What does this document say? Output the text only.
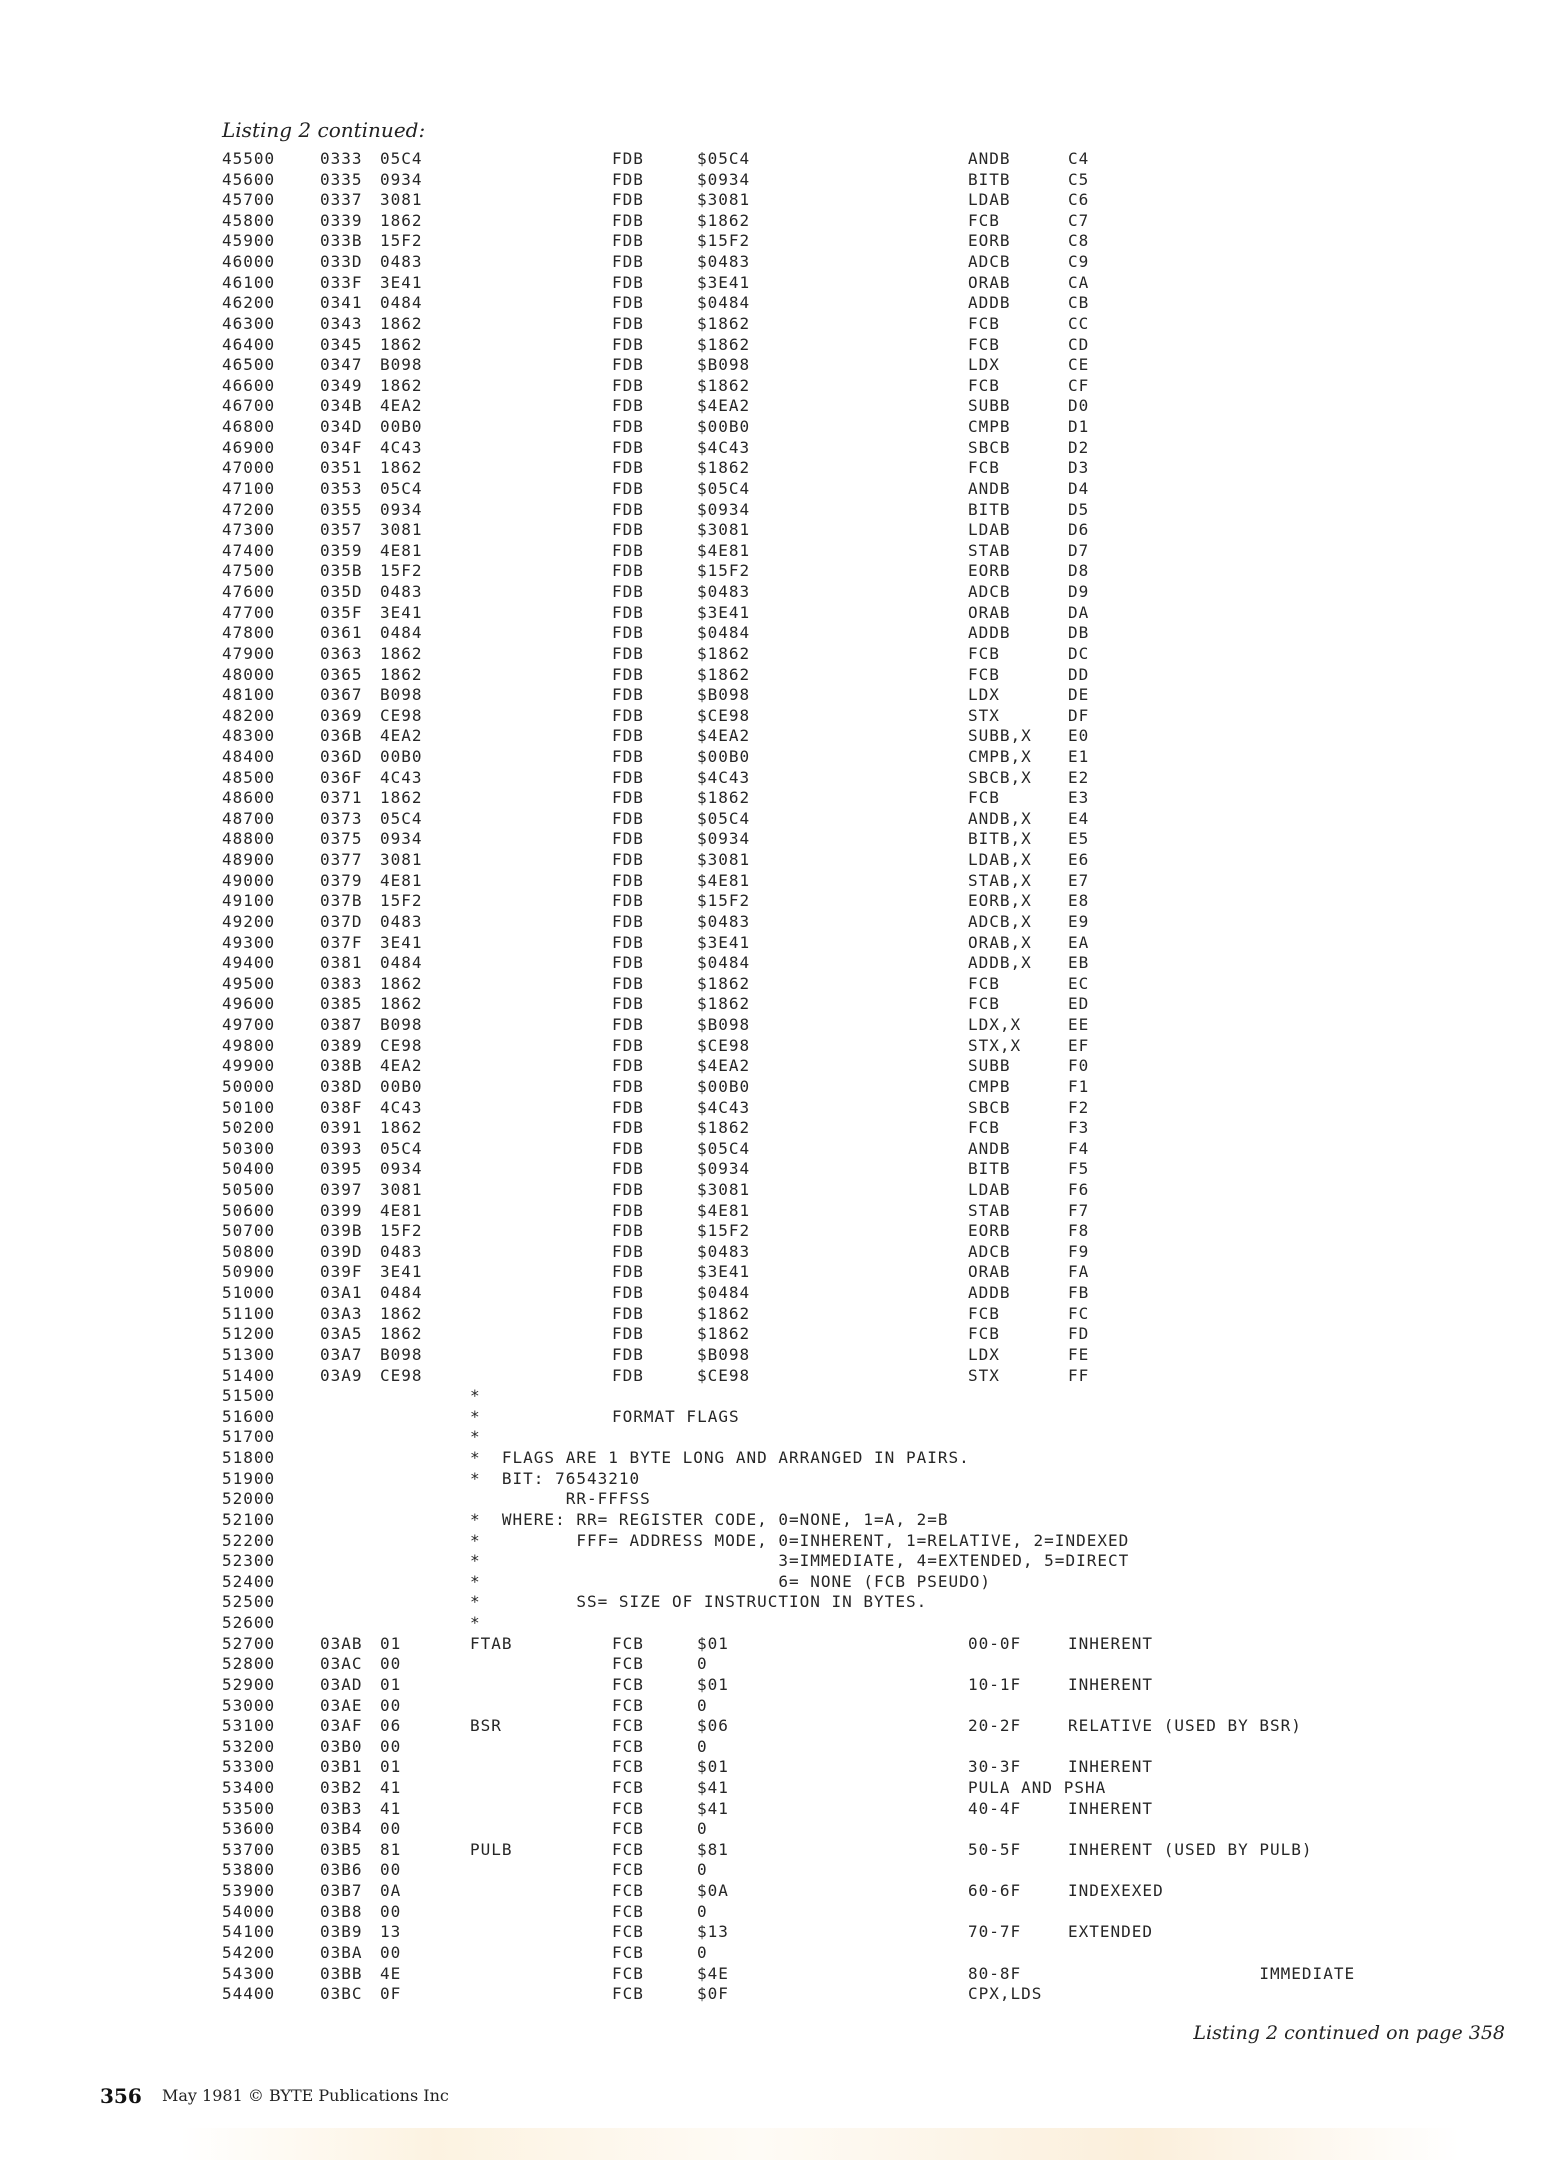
Listing 2 continued:
45500	0333 05C4	FDB	$05C4	ANDB	C4
45600	0335 0934	FDB	$0934	BITB	C5
45700	0337 3081	FDB	$3081	LDAB	C6
45800	0339 1862	FDB	$1862	FCB	C7
45900	033B 15F2	FDB	$15F2	EORB	C8
46000	033D 0483	FDB	$0483	ADCB	C9
46100	033F 3E41	FDB	$3E41	ORAB	CA
46200	0341 0484	FDB	$0484	ADDB	CB
46300	0343 1862	FDB	$1862	FCB	CC
46400	0345 1862	FDB	$1862	FCB	CD
46500	0347 B098	FDB	$B098	LDX	CE
46600	0349 1862	FDB	$1862	FCB	CF
46700	034B 4EA2	FDB	$4EA2	SUBB	D0
46800	034D 00B0	FDB	$00B0	CMPB	D1
46900	034F 4C43	FDB	$4C43	SBCB	D2
47000	0351 1862	FDB	$1862	FCB	D3
47100	0353 05C4	FDB	$05C4	ANDB	D4
47200	0355 0934	FDB	$0934	BITB	D5
47300	0357 3081	FDB	$3081	LDAB	D6
47400	0359 4E81	FDB	$4E81	STAB	D7
47500	035B 15F2	FDB	$15F2	EORB	D8
47600	035D 0483	FDB	$0483	ADCB	D9
47700	035F 3E41	FDB	$3E41	ORAB	DA
47800	0361 0484	FDB	$0484	ADDB	DB
47900	0363 1862	FDB	$1862	FCB	DC
48000	0365 1862	FDB	$1862	FCB	DD
48100	0367 B098	FDB	$B098	LDX	DE
48200	0369 CE98	FDB	$CE98	STX	DF
48300	036B 4EA2	FDB	$4EA2	SUBB,X E0
48400	036D 00B0	FDB	$00B0	CMPB,X E1
48500	036F 4C43	FDB	$4C43	SBCB,X E2
48600	0371 1862	FDB	$1862	FCB	E3
48700	0373 05C4	FDB	$05C4	ANDB,X E4
48800	0375 0934	FDB	$0934	BITB,X E5
48900	0377 3081	FDB	$3081	LDAB,X E6
49000	0379 4E81	FDB	$4E81	STAB,X E7
49100	037B 15F2	FDB	$15F2	EORB,X E8
49200	037D 0483	FDB	$0483	ADCB,X E9
49300	037F 3E41	FDB	$3E41	ORAB,X EA
49400	0381 0484	FDB	$0484	ADDB,X EB
49500	0383 1862	FDB	$1862	FCB	EC
49600	0385 1862	FDB	$1862	FCB	ED
49700	0387 B098	FDB	$B098	LDX,X	EE
49800	0389 CE98	FDB	$CE98	STX,X	EF
49900	038B 4EA2	FDB	$4EA2	SUBB	F0
50000	038D 00B0	FDB	$00B0	CMPB	F1
50100	038F 4C43	FDB	$4C43	SBCB	F2
50200	0391 1862	FDB	$1862	FCB	F3
50300	0393 05C4	FDB	$05C4	ANDB	F4
50400	0395 0934	FDB	$0934	BITB	F5
50500	0397 3081	FDB	$3081	LDAB	F6
50600	0399 4E81	FDB	$4E81	STAB	F7
50700	039B 15F2	FDB	$15F2	EORB	F8
50800	039D 0483	FDB	$0483	ADCB	F9
50900	039F 3E41	FDB	$3E41	ORAB	FA
51000	03A1 0484	FDB	$0484	ADDB	FB
51100	03A3 1862	FDB	$1862	FCB	FC
51200	03A5 1862	FDB	$1862	FCB	FD
51300	03A7 B098	FDB	$B098	LDX	FE
51400	03A9 CE98	FDB	$CE98	STX	FF
51500	*
51600	*	FORMAT FLAGS
51700	*
51800	*  FLAGS ARE 1 BYTE LONG AND ARRANGED IN PAIRS.
51900	*  BIT: 76543210
52000	RR-FFFSS
52100	*  WHERE: RR= REGISTER CODE, 0=NONE, 1=A, 2=B
52200	*         FFF= ADDRESS MODE, 0=INHERENT, 1=RELATIVE, 2=INDEXED
52300	*                            3=IMMEDIATE, 4=EXTENDED, 5=DIRECT
52400	*                            6= NONE (FCB PSEUDO)
52500	*         SS= SIZE OF INSTRUCTION IN BYTES.
52600	*
52700	03AB 01	FTAB	FCB	$01	00-0F	INHERENT
52800	03AC 00	FCB	0
52900	03AD 01	FCB	$01	10-1F	INHERENT
53000	03AE 00	FCB	0
53100	03AF 06	BSR	FCB	$06	20-2F	RELATIVE (USED BY BSR)
53200	03B0 00	FCB	0
53300	03B1 01	FCB	$01	30-3F	INHERENT
53400	03B2 41	FCB	$41	PULA AND PSHA
53500	03B3 41	FCB	$41	40-4F	INHERENT
53600	03B4 00	FCB	0
53700	03B5 81	PULB	FCB	$81	50-5F	INHERENT (USED BY PULB)
53800	03B6 00	FCB	0
53900	03B7 0A	FCB	$0A	60-6F	INDEXEXED
54000	03B8 00	FCB	0
54100	03B9 13	FCB	$13	70-7F	EXTENDED
54200	03BA 00	FCB	0
54300	03BB 4E	FCB	$4E	80-8F	IMMEDIATE
54400	03BC 0F	FCB	$0F	CPX,LDS
Listing 2 continued on page 358
356 May 1981 © BYTE Publications Inc
